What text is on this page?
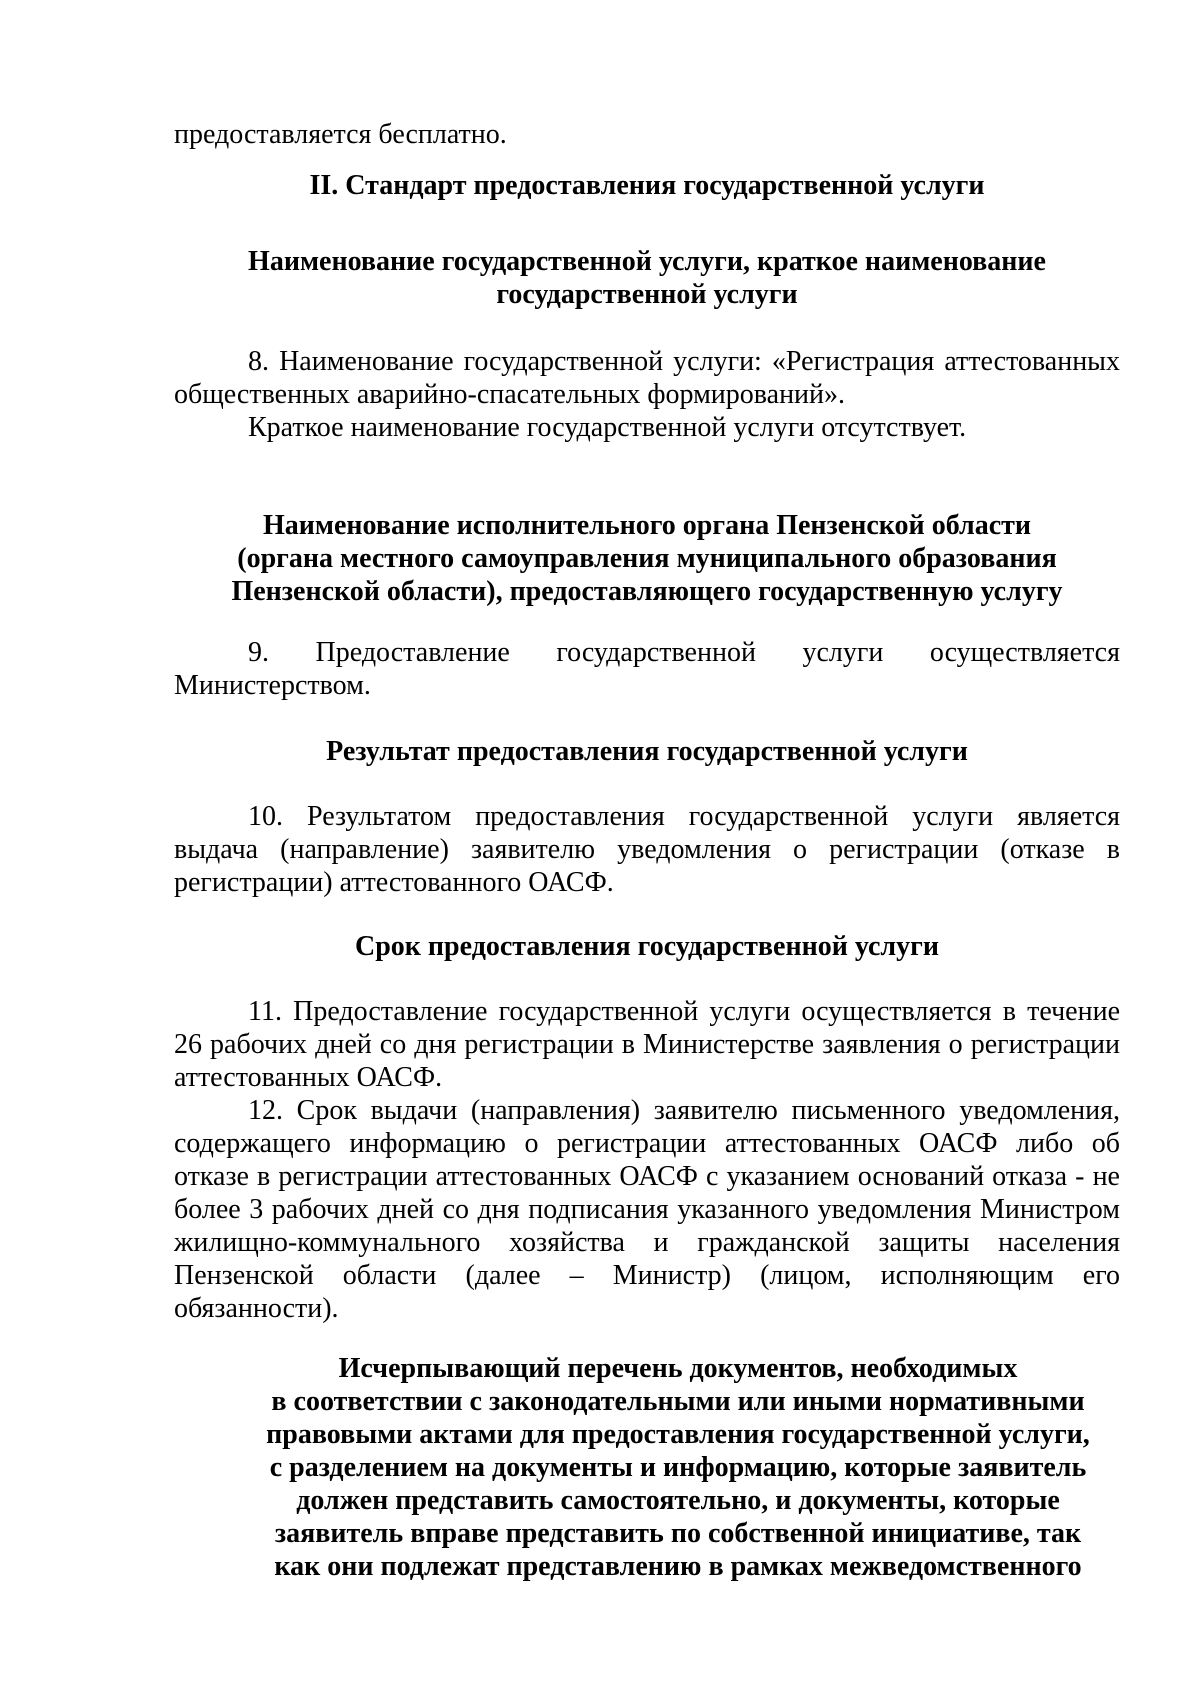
предоставляется бесплатно.
II. Стандарт предоставления государственной услуги
Наименование государственной услуги, краткое наименование
государственной услуги
8. Наименование государственной услуги: «Регистрация аттестованных
общественных аварийно-спасательных формирований».
Краткое наименование государственной услуги отсутствует.
Наименование исполнительного органа Пензенской области
(органа местного самоуправления муниципального образования
Пензенской области), предоставляющего государственную услугу
9. Предоставление государственной услуги осуществляется
Министерством.
Результат предоставления государственной услуги
10. Результатом предоставления государственной услуги является
выдача (направление) заявителю уведомления о регистрации (отказе в
регистрации) аттестованного ОАСФ.
Срок предоставления государственной услуги
11. Предоставление государственной услуги осуществляется в течение
26 рабочих дней со дня регистрации в Министерстве заявления о регистрации
аттестованных ОАСФ.
12. Срок выдачи (направления) заявителю письменного уведомления,
содержащего информацию о регистрации аттестованных ОАСФ либо об
отказе в регистрации аттестованных ОАСФ с указанием оснований отказа - не
более 3 рабочих дней со дня подписания указанного уведомления Министром
жилищно-коммунального хозяйства и гражданской защиты населения
Пензенской области (далее – Министр) (лицом, исполняющим его
обязанности).
Исчерпывающий перечень документов, необходимых
в соответствии с законодательными или иными нормативными
правовыми актами для предоставления государственной услуги,
с разделением на документы и информацию, которые заявитель
должен представить самостоятельно, и документы, которые
заявитель вправе представить по собственной инициативе, так
как они подлежат представлению в рамках межведомственного
